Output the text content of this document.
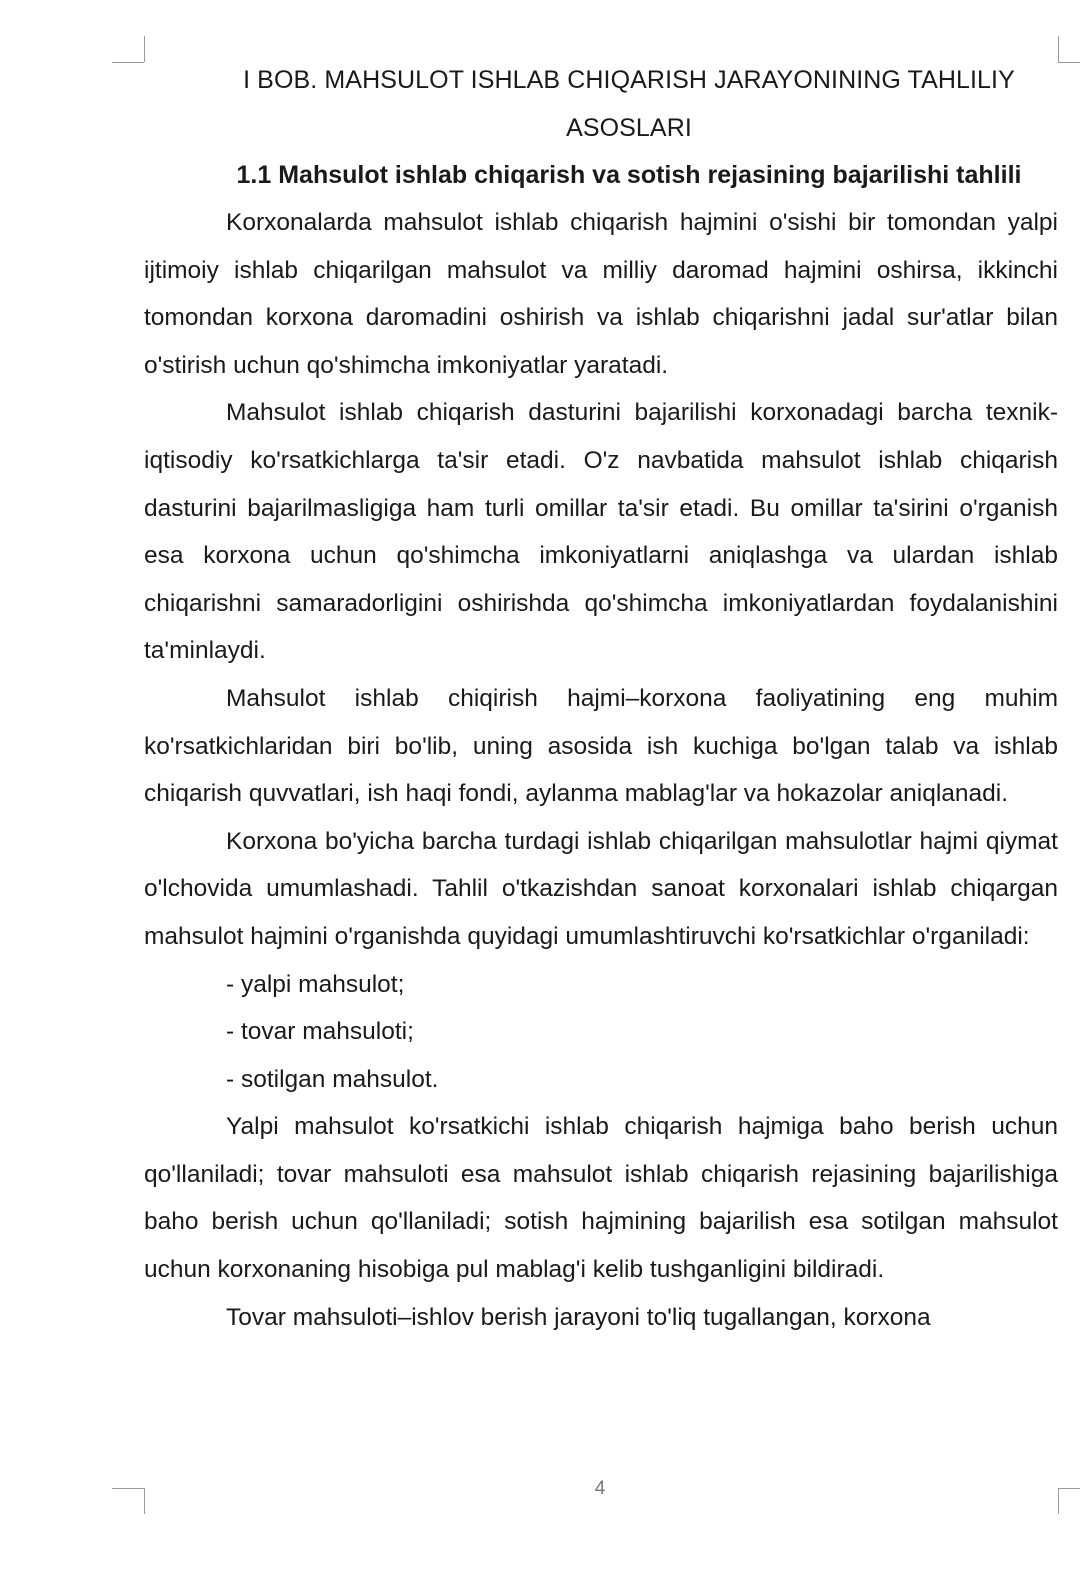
I BOB. MAHSULOT ISHLAB CHIQARISH JARAYONINING TAHLILIY ASOSLARI
1.1 Mahsulot ishlab chiqarish va sotish rejasining bajarilishi tahlili

Korxonalarda mahsulot ishlab chiqarish hajmini o'sishi bir tomondan yalpi ijtimoiy ishlab chiqarilgan mahsulot va milliy daromad hajmini oshirsa, ikkinchi tomondan korxona daromadini oshirish va ishlab chiqarishni jadal sur'atlar bilan o'stirish uchun qo'shimcha imkoniyatlar yaratadi.

Mahsulot ishlab chiqarish dasturini bajarilishi korxonadagi barcha texnik-iqtisodiy ko'rsatkichlarga ta'sir etadi. O'z navbatida mahsulot ishlab chiqarish dasturini bajarilmasligiga ham turli omillar ta'sir etadi. Bu omillar ta'sirini o'rganish esa korxona uchun qo'shimcha imkoniyatlarni aniqlashga va ulardan ishlab chiqarishni samaradorligini oshirishda qo'shimcha imkoniyatlardan foydalanishini ta'minlaydi.

Mahsulot ishlab chiqirish hajmi–korxona faoliyatining eng muhim ko'rsatkichlaridan biri bo'lib, uning asosida ish kuchiga bo'lgan talab va ishlab chiqarish quvvatlari, ish haqi fondi, aylanma mablag'lar va hokazolar aniqlanadi.

Korxona bo'yicha barcha turdagi ishlab chiqarilgan mahsulotlar hajmi qiymat o'lchovida umumlashadi. Tahlil o'tkazishdan sanoat korxonalari ishlab chiqargan mahsulot hajmini o'rganishda quyidagi umumlashtiruvchi ko'rsatkichlar o'rganiladi:

- yalpi mahsulot;

- tovar mahsuloti;

- sotilgan mahsulot.

Yalpi mahsulot ko'rsatkichi ishlab chiqarish hajmiga baho berish uchun qo'llaniladi; tovar mahsuloti esa mahsulot ishlab chiqarish rejasining bajarilishiga baho berish uchun qo'llaniladi; sotish hajmining bajarilish esa sotilgan mahsulot uchun korxonaning hisobiga pul mablag'i kelib tushganligini bildiradi.

Tovar mahsuloti–ishlov berish jarayoni to'liq tugallangan, korxona

4
